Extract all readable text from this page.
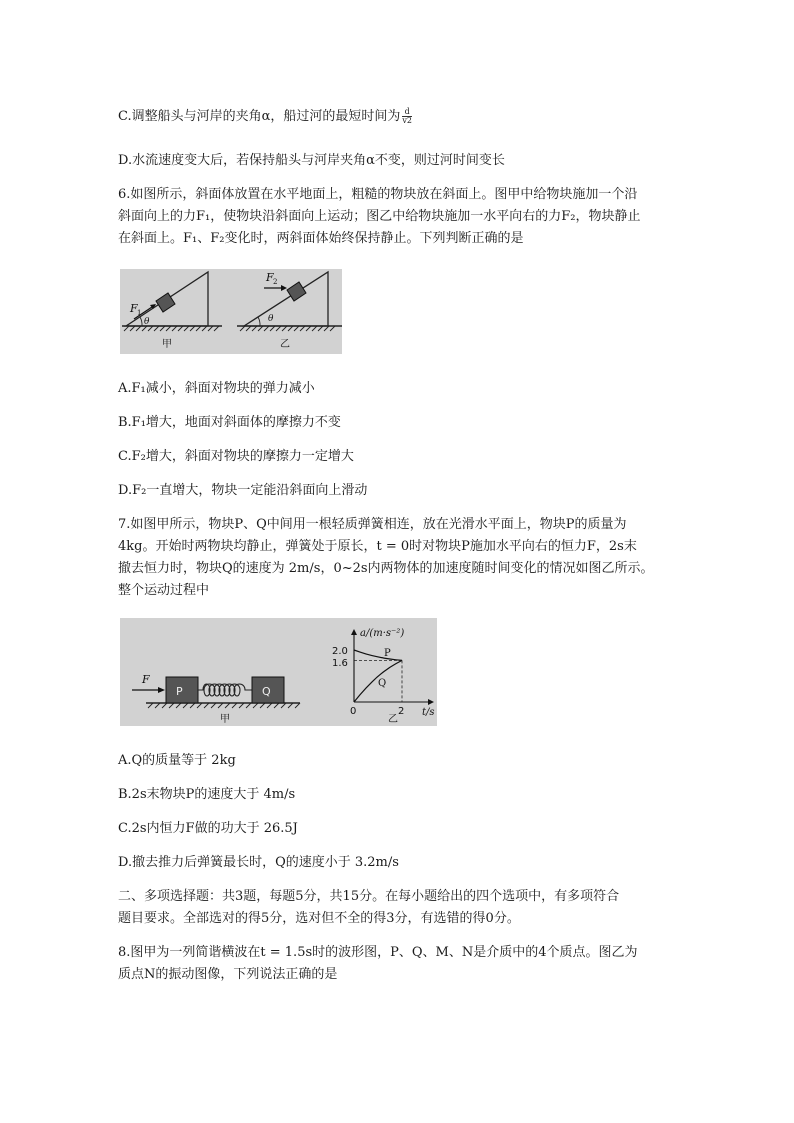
C.调整船头与河岸的夹角α，船过河的最短时间为 $\frac{d}{v2}$
D.水流速度变大后，若保持船头与河岸夹角α不变，则过河时间变长
6.如图所示，斜面体放置在水平地面上，粗糙的物块放在斜面上。图甲中给物块施加一个沿
斜面向上的力F₁，使物块沿斜面向上运动；图乙中给物块施加一水平向右的力F₂，物块静止
在斜面上。F₁、F₂变化时，两斜面体始终保持静止。下列判断正确的是
F 1
θ
甲
F 2
θ
乙
A.F₁减小，斜面对物块的弹力减小
B.F₁增大，地面对斜面体的摩擦力不变
C.F₂增大，斜面对物块的摩擦力一定增大
D.F₂一直增大，物块一定能沿斜面向上滑动
7.如图甲所示，物块P、Q中间用一根轻质弹簧相连，放在光滑水平面上，物块P的质量为
4kg。开始时两物块均静止，弹簧处于原长，t = 0时对物块P施加水平向右的恒力F，2s末
撤去恒力时，物块Q的速度为 2m/s，0~2s内两物体的加速度随时间变化的情况如图乙所示。
整个运动过程中
F
P	Q
甲
a/(m·s⁻²)
t/s
2.0
1.6
0	2
P
Q
乙
A.Q的质量等于 2kg
B.2s末物块P的速度大于 4m/s
C.2s内恒力F做的功大于 26.5J
D.撤去推力后弹簧最长时，Q的速度小于 3.2m/s
二、多项选择题：共3题，每题5分，共15分。在每小题给出的四个选项中，有多项符合
题目要求。全部选对的得5分，选对但不全的得3分，有选错的得0分。
8.图甲为一列简谐横波在t = 1.5s时的波形图，P、Q、M、N是介质中的4个质点。图乙为
质点N的振动图像，下列说法正确的是
